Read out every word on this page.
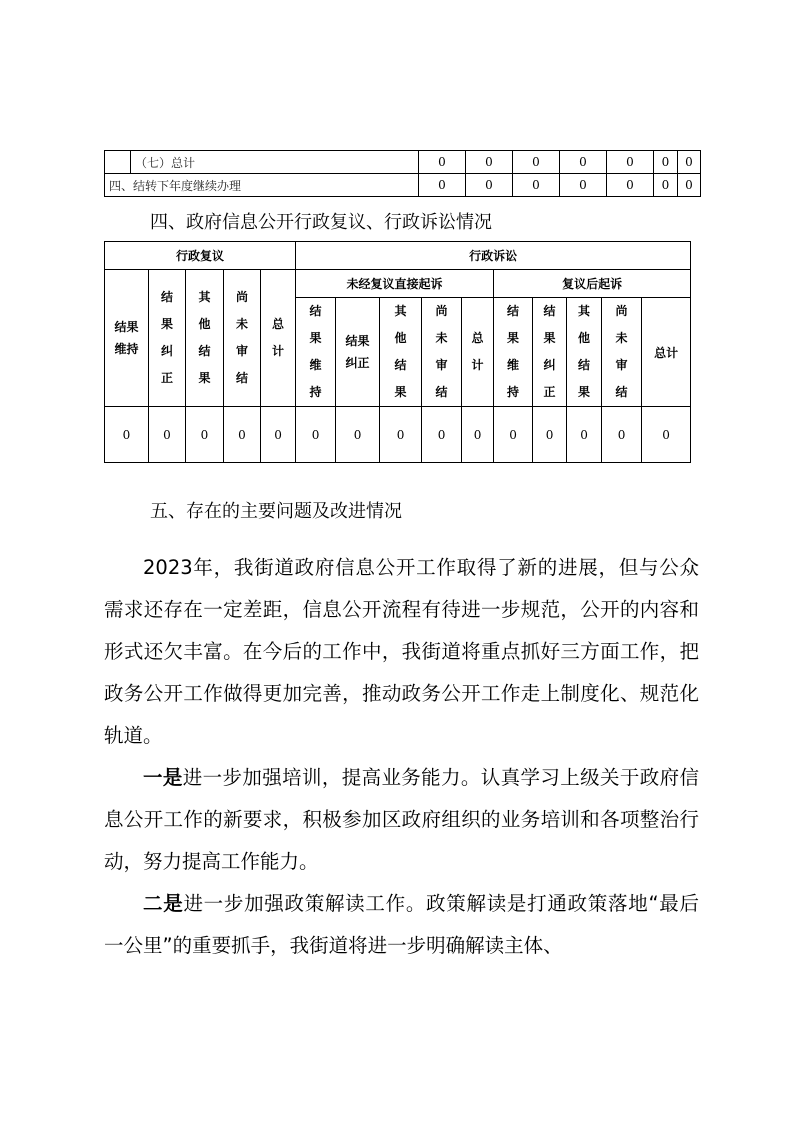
	（七）总计	0	0	0	0	0	0	0
四、结转下年度继续办理		0	0	0	0	0	0	0
四、政府信息公开行政复议、行政诉讼情况
行政复议					行政诉讼									
结果维持	结果纠正	其他结果	尚未审结	总计	未经复议直接起诉					复议后起诉				
					结果维持	结果纠正	其他结果	尚未审结	总计	结果维持	结果纠正	其他结果	尚未审结	总计
0	0	0	0	0	0	0	0	0	0	0	0	0	0	0
五、存在的主要问题及改进情况

2023年，我街道政府信息公开工作取得了新的进展，但与公众需求还存在一定差距，信息公开流程有待进一步规范，公开的内容和形式还欠丰富。在今后的工作中，我街道将重点抓好三方面工作，把政务公开工作做得更加完善，推动政务公开工作走上制度化、规范化轨道。

一是进一步加强培训，提高业务能力。认真学习上级关于政府信息公开工作的新要求，积极参加区政府组织的业务培训和各项整治行动，努力提高工作能力。

二是进一步加强政策解读工作。政策解读是打通政策落地“最后一公里”的重要抓手，我街道将进一步明确解读主体、
